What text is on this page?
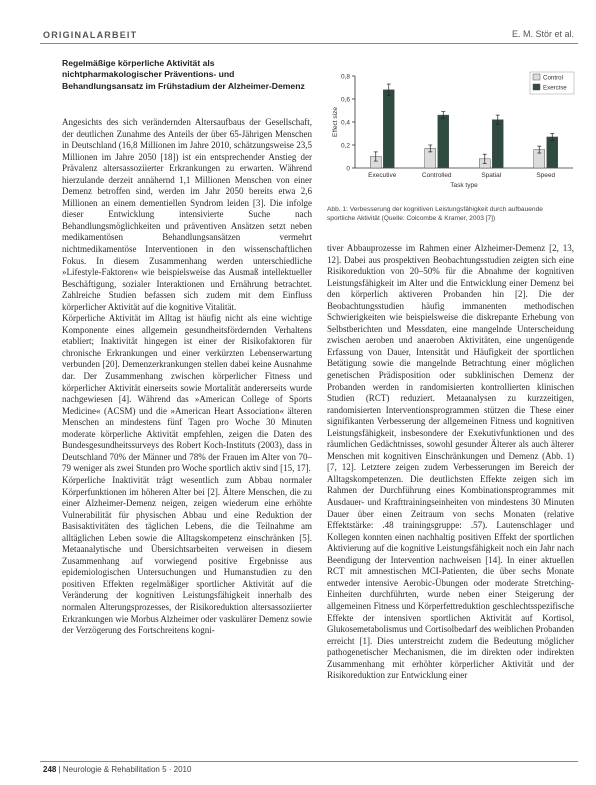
ORIGINALARBEIT	E. M. Stör et al.
Regelmäßige körperliche Aktivität als nichtpharmakologischer Präventions- und Behandlungsansatz im Frühstadium der Alzheimer-Demenz

Angesichts des sich verändernden Altersaufbaus der Gesellschaft, der deutlichen Zunahme des Anteils der über 65-Jährigen Menschen in Deutschland (16,8 Millionen im Jahre 2010, schätzungsweise 23,5 Millionen im Jahre 2050 [18]) ist ein entsprechender Anstieg der Prävalenz altersassoziierter Erkrankungen zu erwarten. Während hierzulande derzeit annähernd 1,1 Millionen Menschen von einer Demenz betroffen sind, werden im Jahr 2050 bereits etwa 2,6 Millionen an einem dementiellen Syndrom leiden [3]. Die infolge dieser Entwicklung intensivierte Suche nach Behandlungsmöglichkeiten und präventiven Ansätzen setzt neben medikamentösen Behandlungsansätzen vermehrt nichtmedikamentöse Interventionen in den wissenschaftlichen Fokus. In diesem Zusammenhang werden unterschiedliche »Lifestyle-Faktoren« wie beispielsweise das Ausmaß intellektueller Beschäftigung, sozialer Interaktionen und Ernährung betrachtet. Zahlreiche Studien befassen sich zudem mit dem Einfluss körperlicher Aktivität auf die kognitive Vitalität.

Körperliche Aktivität im Alltag ist häufig nicht als eine wichtige Komponente eines allgemein gesundheitsfördernden Verhaltens etabliert; Inaktivität hingegen ist einer der Risikofaktoren für chronische Erkrankungen und einer verkürzten Lebenserwartung verbunden [20]. Demenzerkrankungen stellen dabei keine Ausnahme dar. Der Zusammenhang zwischen körperlicher Fitness und körperlicher Aktivität einerseits sowie Mortalität andererseits wurde nachgewiesen [4]. Während das »American College of Sports Medicine« (ACSM) und die »American Heart Association« älteren Menschen an mindestens fünf Tagen pro Woche 30 Minuten moderate körperliche Aktivität empfehlen, zeigen die Daten des Bundesgesundheitssurveys des Robert Koch-Instituts (2003), dass in Deutschland 70% der Männer und 78% der Frauen im Alter von 70–79 weniger als zwei Stunden pro Woche sportlich aktiv sind [15, 17].

Körperliche Inaktivität trägt wesentlich zum Abbau normaler Körperfunktionen im höheren Alter bei [2]. Ältere Menschen, die zu einer Alzheimer-Demenz neigen, zeigen wiederum eine erhöhte Vulnerabilität für physischen Abbau und eine Reduktion der Basisaktivitäten des täglichen Lebens, die die Teilnahme am alltäglichen Leben sowie die Alltagskompetenz einschränken [5]. Metaanalytische und Übersichtsarbeiten verweisen in diesem Zusammenhang auf vorwiegend positive Ergebnisse aus epidemiologischen Untersuchungen und Humanstudien zu den positiven Effekten regelmäßiger sportlicher Aktivität auf die Veränderung der kognitiven Leistungsfähigkeit innerhalb des normalen Alterungsprozesses, der Risikoreduktion altersassoziierter Erkrankungen wie Morbus Alzheimer oder vaskulärer Demenz sowie der Verzögerung des Fortschreitens kogni-

0
0,2
0,4
0,6
0,8
Effect size
Executive	Controlled	Spatial	Speed
Task type
Control
Exercise
Abb. 1: Verbesserung der kognitiven Leistungsfähigkeit durch aufbauende sportliche Aktivität (Quelle: Colcombe & Kramer, 2003 [7])

tiver Abbauprozesse im Rahmen einer Alzheimer-Demenz [2, 13, 12]. Dabei aus prospektiven Beobachtungsstudien zeigten sich eine Risikoreduktion von 20–50% für die Abnahme der kognitiven Leistungsfähigkeit im Alter und die Entwicklung einer Demenz bei den körperlich aktiveren Probanden hin [2]. Die der Beobachtungsstudien häufig immanenten methodischen Schwierigkeiten wie beispielsweise die diskrepante Erhebung von Selbstberichten und Messdaten, eine mangelnde Unterscheidung zwischen aeroben und anaeroben Aktivitäten, eine ungenügende Erfassung von Dauer, Intensität und Häufigkeit der sportlichen Betätigung sowie die mangelnde Betrachtung einer möglichen genetischen Prädisposition oder subklinischen Demenz der Probanden werden in randomisierten kontrollierten klinischen Studien (RCT) reduziert. Metaanalysen zu kurzzeitigen, randomisierten Interventionsprogrammen stützen die These einer signifikanten Verbesserung der allgemeinen Fitness und kognitiven Leistungsfähigkeit, insbesondere der Exekutivfunktionen und des räumlichen Gedächtnisses, sowohl gesunder Älterer als auch älterer Menschen mit kognitiven Einschränkungen und Demenz (Abb. 1) [7, 12]. Letztere zeigen zudem Verbesserungen im Bereich der Alltagskompetenzen. Die deutlichsten Effekte zeigen sich im Rahmen der Durchführung eines Kombinationsprogrammes mit Ausdauer- und Krafttrainingseinheiten von mindestens 30 Minuten Dauer über einen Zeitraum von sechs Monaten (relative Effektstärke: .48 trainingsgruppe: .57). Lautenschlager und Kollegen konnten einen nachhaltig positiven Effekt der sportlichen Aktivierung auf die kognitive Leistungsfähigkeit noch ein Jahr nach Beendigung der Intervention nachweisen [14]. In einer aktuellen RCT mit amnestischen MCI-Patienten, die über sechs Monate entweder intensive Aerobic-Übungen oder moderate Stretching-Einheiten durchführten, wurde neben einer Steigerung der allgemeinen Fitness und Körperfettreduktion geschlechtsspezifische Effekte der intensiven sportlichen Aktivität auf Kortisol, Glukosemetabolismus und Cortisolbedarf des weiblichen Probanden erreicht [1]. Dies unterstreicht zudem die Bedeutung möglicher pathogenetischer Mechanismen, die im direkten oder indirekten Zusammenhang mit erhöhter körperlicher Aktivität und der Risikoreduktion zur Entwicklung einer

248 | Neurologie & Rehabilitation 5 · 2010
